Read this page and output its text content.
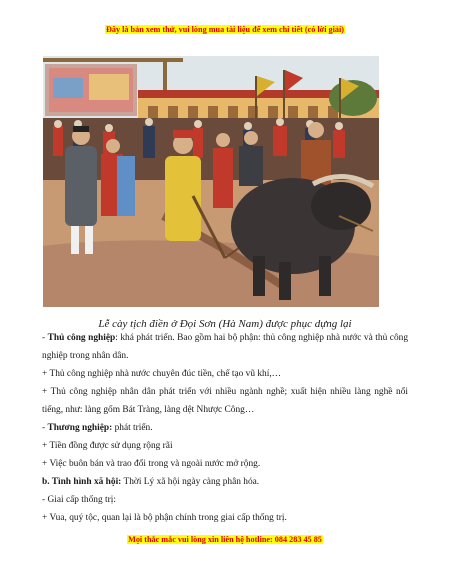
Đây là bản xem thử, vui lòng mua tài liệu để xem chi tiết (có lời giải)
Lễ cày tịch điền ở Đọi Sơn (Hà Nam) được phục dựng lại
- Thủ công nghiệp: khá phát triển. Bao gồm hai bộ phận: thủ công nghiệp nhà nước và thủ công nghiệp trong nhân dân.
+ Thủ công nghiệp nhà nước chuyên đúc tiền, chế tạo vũ khí,…
+ Thủ công nghiệp nhân dân phát triển với nhiều ngành nghề; xuất hiện nhiều làng nghề nổi tiếng, như: làng gốm Bát Tràng, làng dệt Nhược Công…
- Thương nghiệp: phát triển.
+ Tiền đồng được sử dụng rộng rãi
+ Việc buôn bán và trao đổi trong và ngoài nước mở rộng.
b. Tình hình xã hội: Thời Lý xã hội ngày càng phân hóa.
- Giai cấp thống trị:
+ Vua, quý tộc, quan lại là bộ phận chính trong giai cấp thống trị.
Mọi thắc mắc vui lòng xin liên hệ hotline: 084 283 45 85
